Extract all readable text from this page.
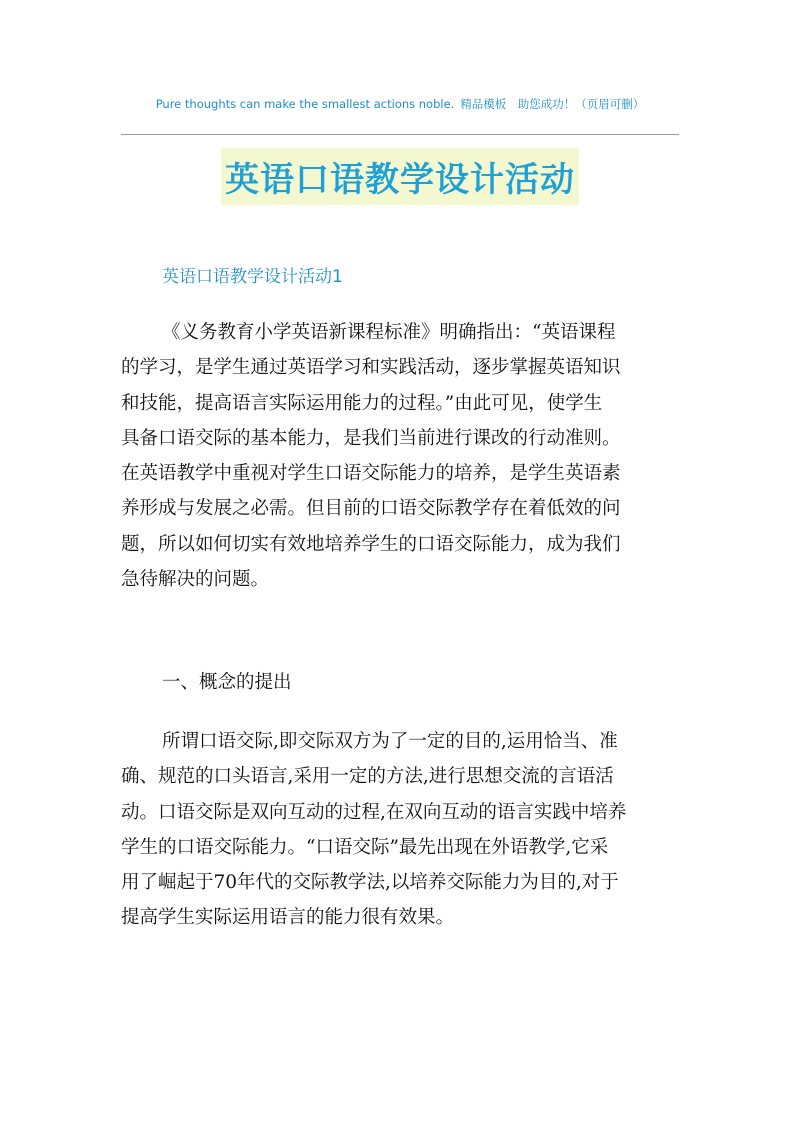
Pure thoughts can make the smallest actions noble. 精品模板　助您成功！（页眉可删）
英语口语教学设计活动
英语口语教学设计活动1
《义务教育小学英语新课程标准》明确指出：“英语课程
的学习，是学生通过英语学习和实践活动，逐步掌握英语知识
和技能，提高语言实际运用能力的过程。”由此可见，使学生
具备口语交际的基本能力，是我们当前进行课改的行动准则。
在英语教学中重视对学生口语交际能力的培养，是学生英语素
养形成与发展之必需。但目前的口语交际教学存在着低效的问
题，所以如何切实有效地培养学生的口语交际能力，成为我们
急待解决的问题。
一、概念的提出
所谓口语交际,即交际双方为了一定的目的,运用恰当、准
确、规范的口头语言,采用一定的方法,进行思想交流的言语活
动。口语交际是双向互动的过程,在双向互动的语言实践中培养
学生的口语交际能力。“口语交际”最先出现在外语教学,它采
用了崛起于70年代的交际教学法,以培养交际能力为目的,对于
提高学生实际运用语言的能力很有效果。
